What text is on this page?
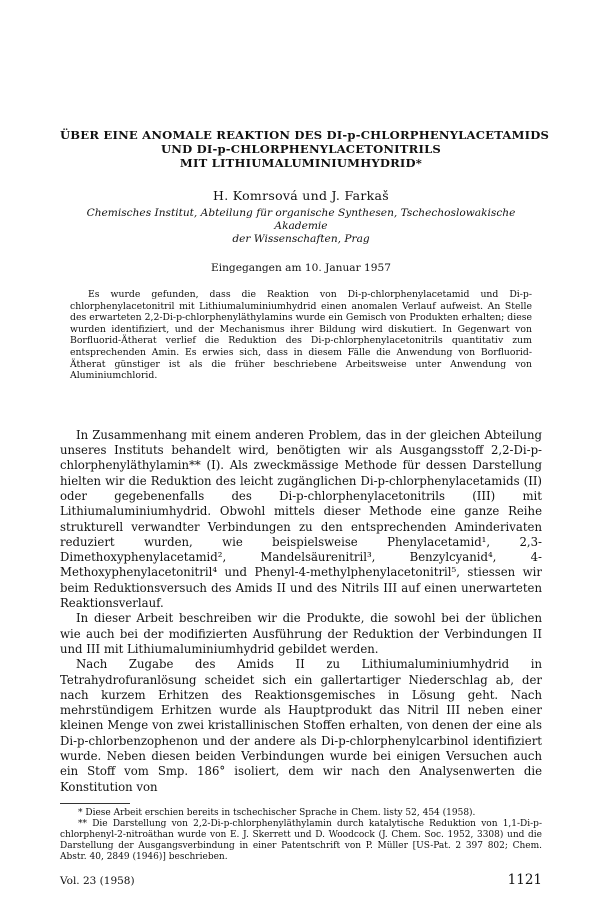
ÜBER EINE ANOMALE REAKTION DES DI-p-CHLORPHENYLACETAMIDS
UND DI-p-CHLORPHENYLACETONITRILS
MIT LITHIUMALUMINIUMHYDRID*
H. Komrsová und J. Farkaš
Chemisches Institut, Abteilung für organische Synthesen, Tschechoslowakische Akademie
der Wissenschaften, Prag
Eingegangen am 10. Januar 1957
Es wurde gefunden, dass die Reaktion von Di-p-chlorphenylacetamid und Di-p-chlorphenylacetonitril mit Lithiumaluminiumhydrid einen anomalen Verlauf aufweist. An Stelle des erwarteten 2,2-Di-p-chlorphenyläthylamins wurde ein Gemisch von Produkten erhalten; diese wurden identifiziert, und der Mechanismus ihrer Bildung wird diskutiert. In Gegenwart von Borfluorid-Ätherat verlief die Reduktion des Di-p-chlorphenylacetonitrils quantitativ zum entsprechenden Amin. Es erwies sich, dass in diesem Fälle die Anwendung von Borfluorid-Ätherat günstiger ist als die früher beschriebene Arbeitsweise unter Anwendung von Aluminiumchlorid.

In Zusammenhang mit einem anderen Problem, das in der gleichen Abteilung unseres Instituts behandelt wird, benötigten wir als Ausgangsstoff 2,2-Di-p-chlorphenyläthylamin** (I). Als zweckmässige Methode für dessen Darstellung hielten wir die Reduktion des leicht zugänglichen Di-p-chlorphenylacetamids (II) oder gegebenenfalls des Di-p-chlorphenylacetonitrils (III) mit Lithiumaluminiumhydrid. Obwohl mittels dieser Methode eine ganze Reihe strukturell verwandter Verbindungen zu den entsprechenden Aminderivaten reduziert wurden, wie beispielsweise Phenylacetamid¹, 2,3-Dimethoxyphenylacetamid², Mandelsäurenitril³, Benzylcyanid⁴, 4-Methoxyphenylacetonitril⁴ und Phenyl-4-methylphenylacetonitril⁵, stiessen wir beim Reduktionsversuch des Amids II und des Nitrils III auf einen unerwarteten Reaktionsverlauf.

In dieser Arbeit beschreiben wir die Produkte, die sowohl bei der üblichen wie auch bei der modifizierten Ausführung der Reduktion der Verbindungen II und III mit Lithiumaluminiumhydrid gebildet werden.

Nach Zugabe des Amids II zu Lithiumaluminiumhydrid in Tetrahydrofuranlösung scheidet sich ein gallertartiger Niederschlag ab, der nach kurzem Erhitzen des Reaktionsgemisches in Lösung geht. Nach mehrstündigem Erhitzen wurde als Hauptprodukt das Nitril III neben einer kleinen Menge von zwei kristallinischen Stoffen erhalten, von denen der eine als Di-p-chlorbenzophenon und der andere als Di-p-chlorphenylcarbinol identifiziert wurde. Neben diesen beiden Verbindungen wurde bei einigen Versuchen auch ein Stoff vom Smp. 186° isoliert, dem wir nach den Analysenwerten die Konstitution von

* Diese Arbeit erschien bereits in tschechischer Sprache in Chem. listy 52, 454 (1958).

** Die Darstellung von 2,2-Di-p-chlorphenyläthylamin durch katalytische Reduktion von 1,1-Di-p-chlorphenyl-2-nitroäthan wurde von E. J. Skerrett und D. Woodcock (J. Chem. Soc. 1952, 3308) und die Darstellung der Ausgangsverbindung in einer Patentschrift von P. Müller [US-Pat. 2 397 802; Chem. Abstr. 40, 2849 (1946)] beschrieben.

Vol. 23 (1958)	1121
